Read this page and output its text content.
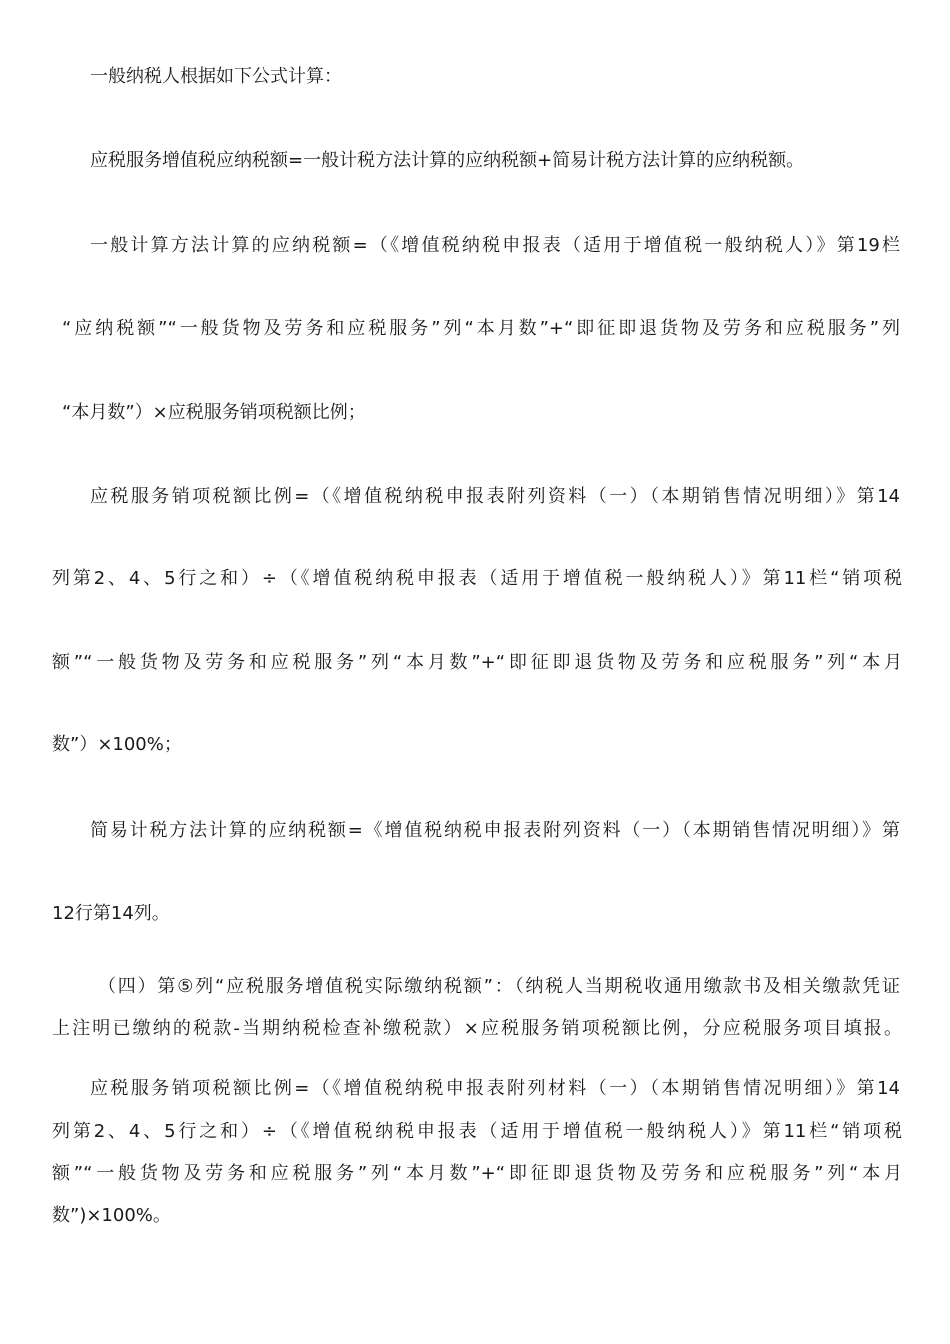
一般纳税人根据如下公式计算：
应税服务增值税应纳税额=一般计税方法计算的应纳税额+简易计税方法计算的应纳税额。
一般计算方法计算的应纳税额=（《增值税纳税申报表（适用于增值税一般纳税人）》第19栏
“应纳税额”“一般货物及劳务和应税服务”列“本月数”+“即征即退货物及劳务和应税服务”列
“本月数”）×应税服务销项税额比例；
应税服务销项税额比例=（《增值税纳税申报表附列资料（一）（本期销售情况明细）》第14
列第2、4、5行之和）÷（《增值税纳税申报表（适用于增值税一般纳税人）》第11栏“销项税
额”“一般货物及劳务和应税服务”列“本月数”+“即征即退货物及劳务和应税服务”列“本月
数”）×100%；
简易计税方法计算的应纳税额=《增值税纳税申报表附列资料（一）（本期销售情况明细）》第
12行第14列。
（四）第⑤列“应税服务增值税实际缴纳税额”：（纳税人当期税收通用缴款书及相关缴款凭证
上注明已缴纳的税款-当期纳税检查补缴税款）×应税服务销项税额比例，分应税服务项目填报。
应税服务销项税额比例=（《增值税纳税申报表附列材料（一）（本期销售情况明细）》第14
列第2、4、5行之和）÷（《增值税纳税申报表（适用于增值税一般纳税人）》第11栏“销项税
额”“一般货物及劳务和应税服务”列“本月数”+“即征即退货物及劳务和应税服务”列“本月
数”)×100%。
